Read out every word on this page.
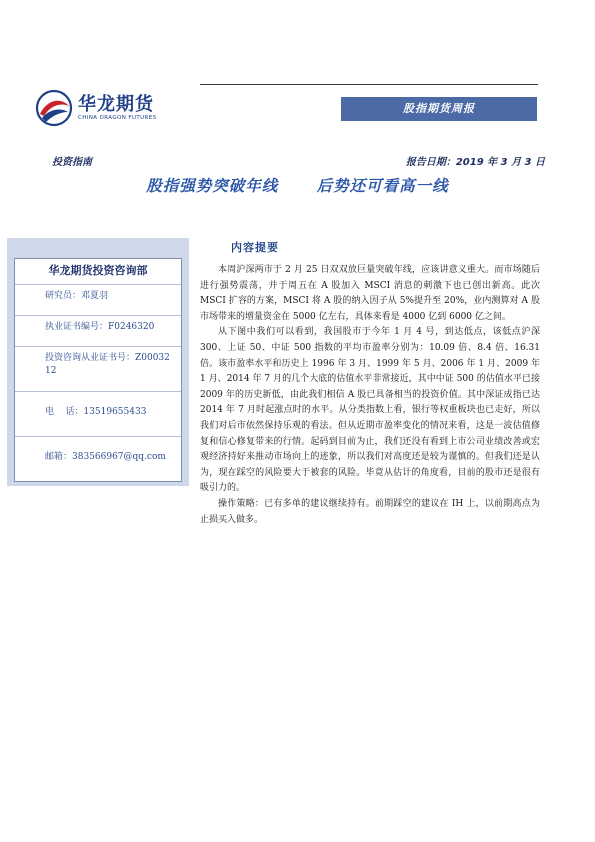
华龙期货
CHINA DRAGON FUTURES
股指期货周报
投资指南	报告日期：2019 年 3 月 3 日
股指强势突破年线      后势还可看高一线
华龙期货投资咨询部
研究员：邓夏羽
执业证书编号：F0246320
投资咨询从业证书号：Z0003212
电    话：13519655433
邮箱：383566967@qq.com
内容提要

本周沪深两市于 2 月 25 日双双放巨量突破年线，应该讲意义重大。而市场随后进行强势震荡，并于周五在 A 股加入 MSCI 消息的刺激下也已创出新高。此次 MSCI 扩容的方案，MSCI 将 A 股的纳入因子从 5%提升至 20%，业内测算对 A 股市场带来的增量资金在 5000 亿左右，具体来看是 4000 亿到 6000 亿之间。

从下图中我们可以看到，我国股市于今年 1 月 4 号，到达低点，该低点沪深 300、上证 50、中证 500 指数的平均市盈率分别为：10.09 倍、8.4 倍、16.31 倍。该市盈率水平和历史上 1996 年 3 月、1999 年 5 月、2006 年 1 月、2009 年 1 月、2014 年 7 月的几个大底的估值水平非常接近，其中中证 500 的估值水平已接 2009 年的历史新低，由此我们相信 A 股已具备相当的投资价值。其中深证成指已达 2014 年 7 月时起涨点时的水平。从分类指数上看，银行等权重板块也已走好，所以我们对后市依然保持乐观的看法。但从近期市盈率变化的情况来看，这是一波估值修复和信心修复带来的行情。起码到目前为止，我们还没有看到上市公司业绩改善或宏观经济持好来推动市场向上的迹象，所以我们对高度还是较为谨慎的。但我们还是认为，现在踩空的风险要大于被套的风险。毕竟从估计的角度看，目前的股市还是很有吸引力的。

操作策略：已有多单的建议继续持有。前期踩空的建议在 IH 上，以前期高点为止损买入做多。
